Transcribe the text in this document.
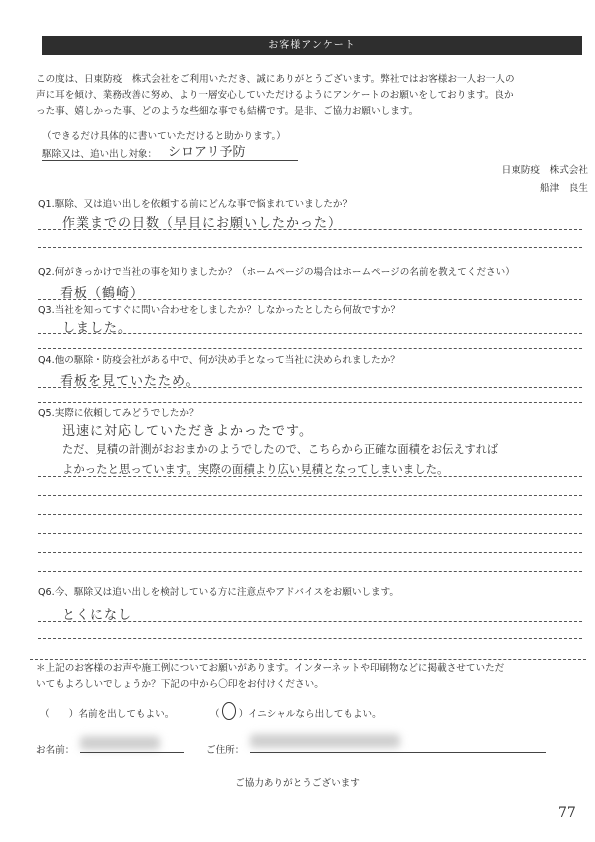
お客様アンケート
この度は、日東防疫　株式会社をご利用いただき、誠にありがとうございます。弊社ではお客様お一人お一人の
声に耳を傾け、業務改善に努め、より一層安心していただけるようにアンケートのお願いをしております。良か
った事、嬉しかった事、どのような些細な事でも結構です。是非、ご協力お願いします。
（できるだけ具体的に書いていただけると助かります。）
駆除又は、追い出し対象： シロアリ予防
日東防疫　株式会社
船津　良生
Q1.駆除、又は追い出しを依頼する前にどんな事で悩まれていましたか？
作業までの日数（早目にお願いしたかった）
Q2.何がきっかけで当社の事を知りましたか？（ホームページの場合はホームページの名前を教えてください）
看板（鶴崎）
Q3.当社を知ってすぐに問い合わせをしましたか？しなかったとしたら何故ですか？
しました。
Q4.他の駆除・防疫会社がある中で、何が決め手となって当社に決められましたか？
看板を見ていたため。
Q5.実際に依頼してみどうでしたか？
迅速に対応していただきよかったです。
ただ、見積の計測がおおまかのようでしたので、こちらから正確な面積をお伝えすれば
よかったと思っています。実際の面積より広い見積となってしまいました。
Q6.今、駆除又は追い出しを検討している方に注意点やアドバイスをお願いします。
とくになし
＊上記のお客様のお声や施工例についてお願いがあります。インターネットや印刷物などに掲載させていただ
いてもよろしいでしょうか？下記の中から〇印をお付けください。
（　　）名前を出してもよい。	（　　） イニシャルなら出してもよい。
お名前：	ご住所：
ご協力ありがとうございます
77
